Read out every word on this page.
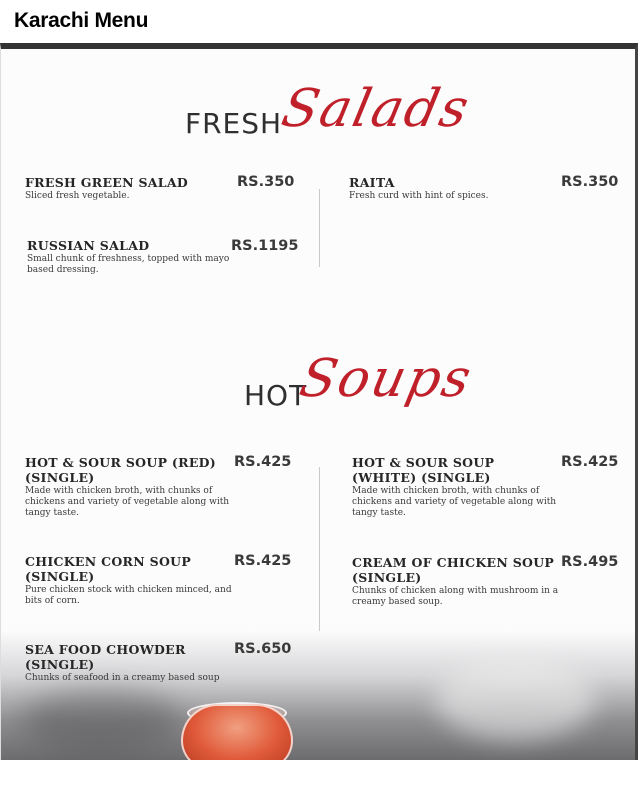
Karachi Menu
FRESH
Salads
FRESH GREEN SALAD
Sliced fresh vegetable.
RS.350	RAITA
Fresh curd with hint of spices.
RS.350
RUSSIAN SALAD
Small chunk of freshness, topped with mayo based dressing.
RS.1195
HOT
Soups
HOT & SOUR SOUP (RED) (SINGLE)
Made with chicken broth, with chunks of chickens and variety of vegetable along with tangy taste.
RS.425	HOT & SOUR SOUP (WHITE) (SINGLE)
Made with chicken broth, with chunks of chickens and variety of vegetable along with tangy taste.
RS.425
CHICKEN CORN SOUP (SINGLE)
Pure chicken stock with chicken minced, and bits of corn.
RS.425	CREAM OF CHICKEN SOUP (SINGLE)
Chunks of chicken along with mushroom in a creamy based soup.
RS.495
SEA FOOD CHOWDER (SINGLE)
Chunks of seafood in a creamy based soup
RS.650
